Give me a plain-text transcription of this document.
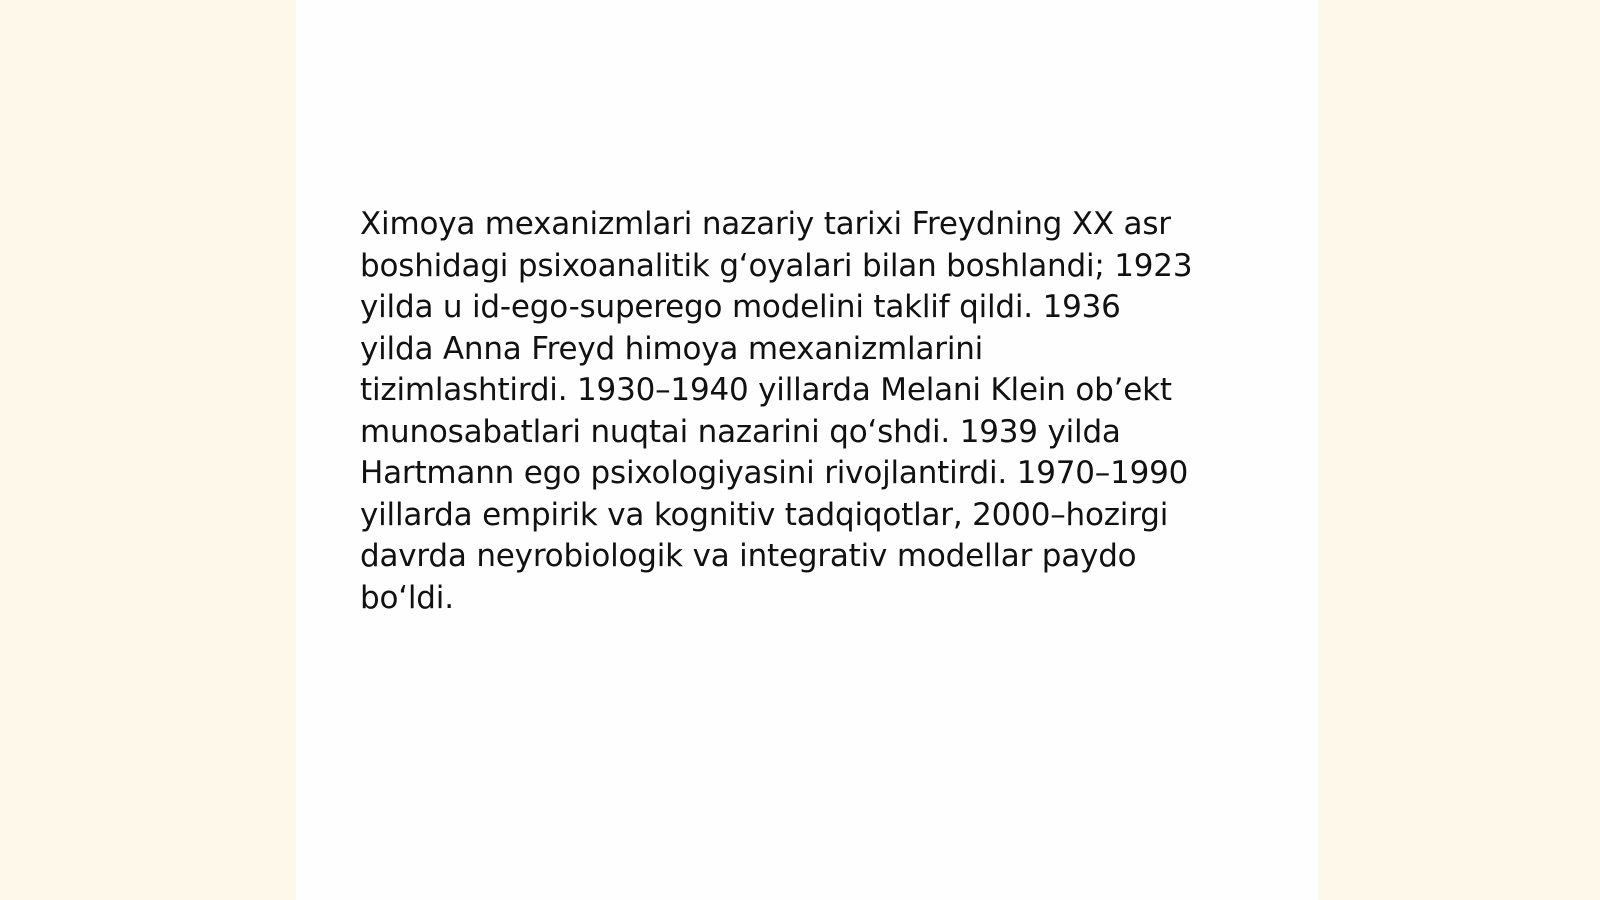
Ximoya mexanizmlari nazariy tarixi Freydning XX asr
boshidagi psixoanalitik g‘oyalari bilan boshlandi; 1923
yilda u id-ego-superego modelini taklif qildi. 1936
yilda Anna Freyd himoya mexanizmlarini
tizimlashtirdi. 1930–1940 yillarda Melani Klein ob’ekt
munosabatlari nuqtai nazarini qo‘shdi. 1939 yilda
Hartmann ego psixologiyasini rivojlantirdi. 1970–1990
yillarda empirik va kognitiv tadqiqotlar, 2000–hozirgi
davrda neyrobiologik va integrativ modellar paydo
bo‘ldi.
